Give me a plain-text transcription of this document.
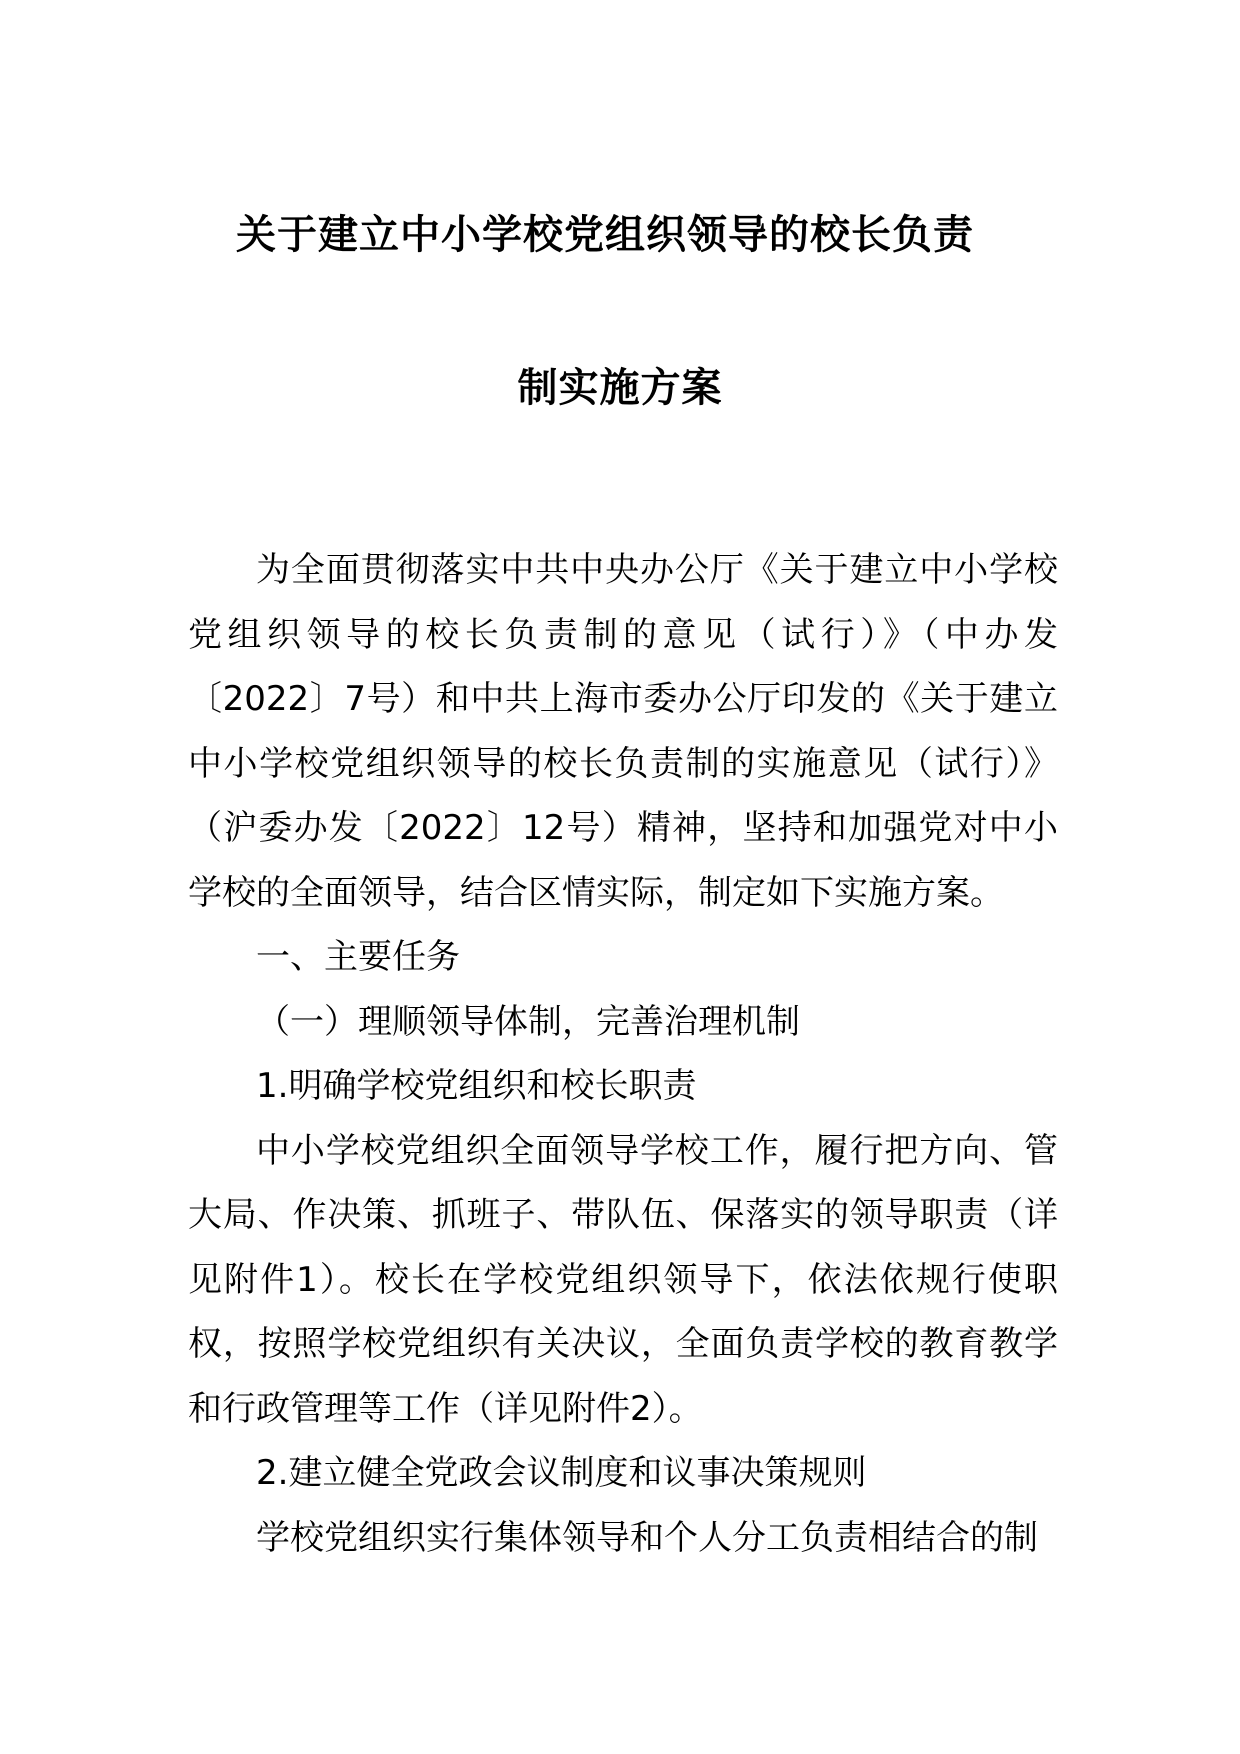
关于建立中小学校党组织领导的校长负责
制实施方案

为全面贯彻落实中共中央办公厅《关于建立中小学校党组织领导的校长负责制的意见（试行）》（中办发〔2022〕7号）和中共上海市委办公厅印发的《关于建立中小学校党组织领导的校长负责制的实施意见（试行）》（沪委办发〔2022〕12号）精神，坚持和加强党对中小学校的全面领导，结合区情实际，制定如下实施方案。

一、主要任务

（一）理顺领导体制，完善治理机制

1.明确学校党组织和校长职责

中小学校党组织全面领导学校工作，履行把方向、管大局、作决策、抓班子、带队伍、保落实的领导职责（详见附件1）。校长在学校党组织领导下，依法依规行使职权，按照学校党组织有关决议，全面负责学校的教育教学和行政管理等工作（详见附件2）。

2.建立健全党政会议制度和议事决策规则

学校党组织实行集体领导和个人分工负责相结合的制
